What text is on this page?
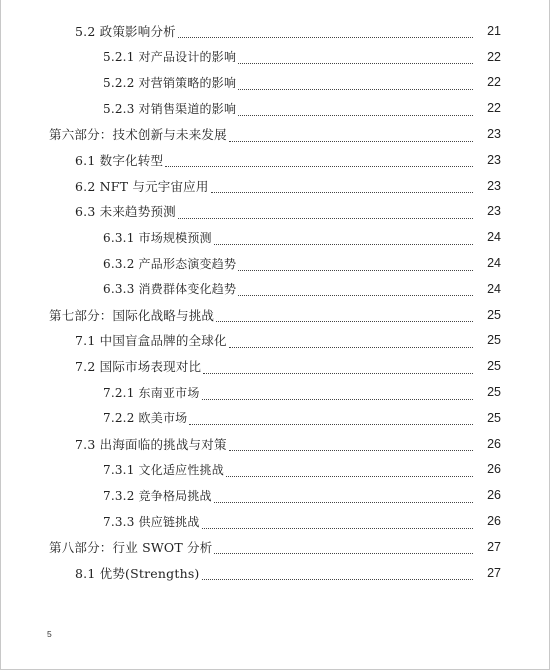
5.2 政策影响分析	21
5.2.1 对产品设计的影响	22
5.2.2 对营销策略的影响	22
5.2.3 对销售渠道的影响	22
第六部分：技术创新与未来发展	23
6.1 数字化转型	23
6.2 NFT 与元宇宙应用	23
6.3 未来趋势预测	23
6.3.1 市场规模预测	24
6.3.2 产品形态演变趋势	24
6.3.3 消费群体变化趋势	24
第七部分：国际化战略与挑战	25
7.1 中国盲盒品牌的全球化	25
7.2 国际市场表现对比	25
7.2.1 东南亚市场	25
7.2.2 欧美市场	25
7.3 出海面临的挑战与对策	26
7.3.1 文化适应性挑战	26
7.3.2 竞争格局挑战	26
7.3.3 供应链挑战	26
第八部分：行业 SWOT 分析	27
8.1 优势(Strengths)	27
5
